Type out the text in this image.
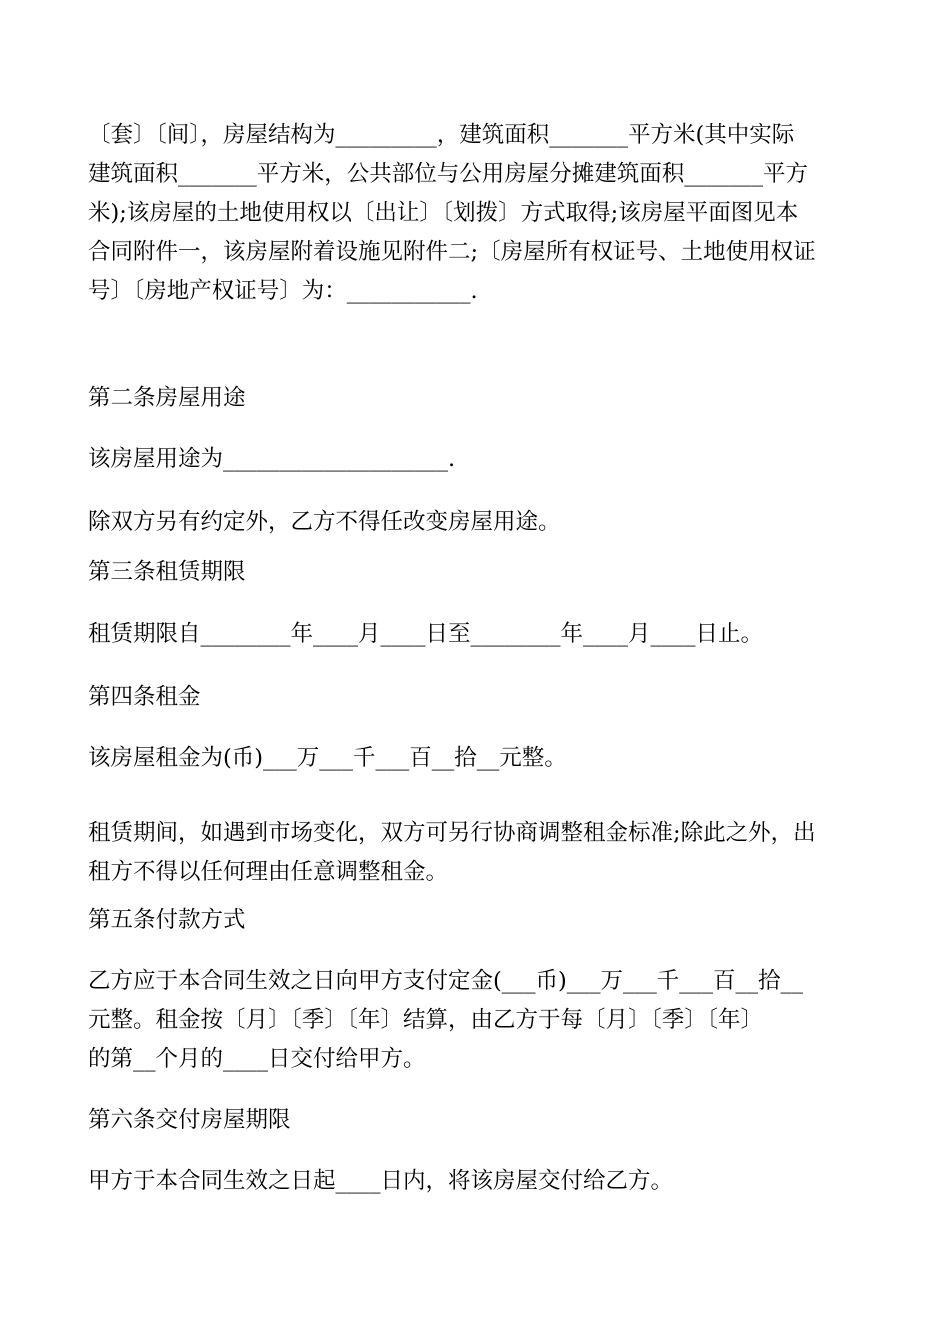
〔套〕〔间〕，房屋结构为_________，建筑面积_______平方米(其中实际
建筑面积_______平方米，公共部位与公用房屋分摊建筑面积_______平方
米);该房屋的土地使用权以〔出让〕〔划拨〕方式取得;该房屋平面图见本
合同附件一，该房屋附着设施见附件二;〔房屋所有权证号、土地使用权证
号〕〔房地产权证号〕为：___________.

第二条房屋用途

该房屋用途为____________________.

除双方另有约定外，乙方不得任改变房屋用途。

第三条租赁期限

租赁期限自________年____月____日至________年____月____日止。

第四条租金

该房屋租金为(币)___万___千___百__拾__元整。

租赁期间，如遇到市场变化，双方可另行协商调整租金标准;除此之外，出
租方不得以任何理由任意调整租金。

第五条付款方式

乙方应于本合同生效之日向甲方支付定金(___币)___万___千___百__拾__
元整。租金按〔月〕〔季〕〔年〕结算，由乙方于每〔月〕〔季〕〔年〕
的第__个月的____日交付给甲方。

第六条交付房屋期限

甲方于本合同生效之日起____日内，将该房屋交付给乙方。
